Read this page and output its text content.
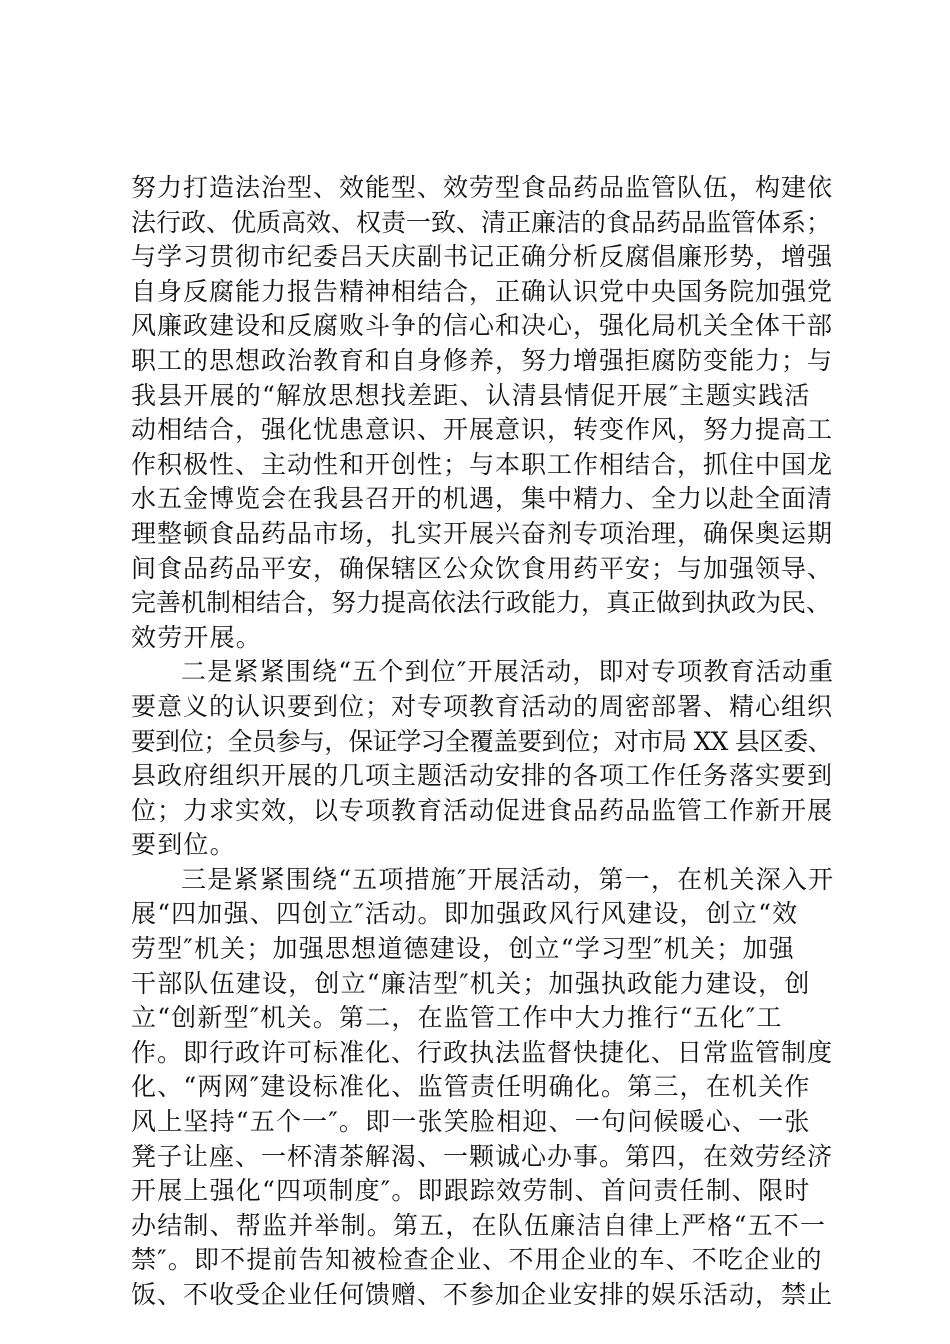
努力打造法治型、效能型、效劳型食品药品监管队伍，构建依
法行政、优质高效、权责一致、清正廉洁的食品药品监管体系；
与学习贯彻市纪委吕天庆副书记正确分析反腐倡廉形势，增强
自身反腐能力报告精神相结合，正确认识党中央国务院加强党
风廉政建设和反腐败斗争的信心和决心，强化局机关全体干部
职工的思想政治教育和自身修养，努力增强拒腐防变能力；与
我县开展的“解放思想找差距、认清县情促开展″主题实践活
动相结合，强化忧患意识、开展意识，转变作风，努力提高工
作积极性、主动性和开创性；与本职工作相结合，抓住中国龙
水五金博览会在我县召开的机遇，集中精力、全力以赴全面清
理整顿食品药品市场，扎实开展兴奋剂专项治理，确保奥运期
间食品药品平安，确保辖区公众饮食用药平安；与加强领导、
完善机制相结合，努力提高依法行政能力，真正做到执政为民、
效劳开展。
二是紧紧围绕“五个到位″开展活动，即对专项教育活动重
要意义的认识要到位；对专项教育活动的周密部署、精心组织
要到位；全员参与，保证学习全覆盖要到位；对市局 XX 县区委、
县政府组织开展的几项主题活动安排的各项工作任务落实要到
位；力求实效，以专项教育活动促进食品药品监管工作新开展
要到位。
三是紧紧围绕“五项措施″开展活动，第一，在机关深入开
展“四加强、四创立″活动。即加强政风行风建设，创立“效
劳型″机关；加强思想道德建设，创立“学习型″机关；加强
干部队伍建设，创立“廉洁型″机关；加强执政能力建设，创
立“创新型″机关。第二，在监管工作中大力推行“五化″工
作。即行政许可标准化、行政执法监督快捷化、日常监管制度
化、“两网″建设标准化、监管责任明确化。第三，在机关作
风上坚持“五个一″。即一张笑脸相迎、一句问候暖心、一张
凳子让座、一杯清茶解渴、一颗诚心办事。第四，在效劳经济
开展上强化“四项制度″。即跟踪效劳制、首问责任制、限时
办结制、帮监并举制。第五，在队伍廉洁自律上严格“五不一
禁″。即不提前告知被检查企业、不用企业的车、不吃企业的
饭、不收受企业任何馈赠、不参加企业安排的娱乐活动，禁止
